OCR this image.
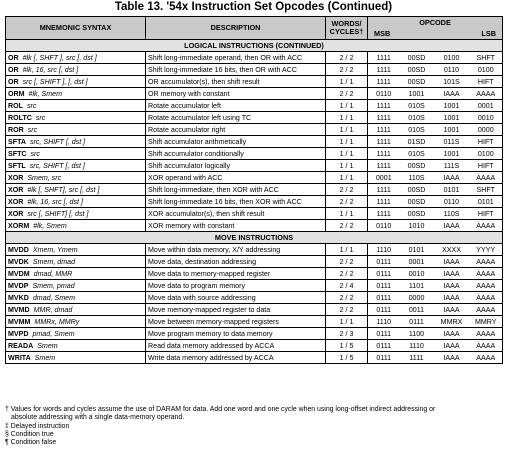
Table 13. '54x Instruction Set Opcodes (Continued)
MNEMONIC SYNTAX	DESCRIPTION	WORDS/
CYCLES†	OPCODE			
			MSB		LSB	
LOGICAL INSTRUCTIONS (CONTINUED)						
OR #lk [, SHFT ], src [, dst ]	Shift long-immediate operand, then OR with ACC	2 / 2	1111	00SD	0100	SHFT
OR #lk, 16, src [, dst ]	Shift long-immediate 16 bits, then OR with ACC	2 / 2	1111	00SD	0110	0100
OR src [, SHIFT ], [, dst ]	OR accumulator(s), then shift result	1 / 1	1111	00SD	101S	HIFT
ORM #lk, Smem	OR memory with constant	2 / 2	0110	1001	IAAA	AAAA
ROL src	Rotate accumulator left	1 / 1	1111	010S	1001	0001
ROLTC src	Rotate accumulator left using TC	1 / 1	1111	010S	1001	0010
ROR src	Rotate accumulator right	1 / 1	1111	010S	1001	0000
SFTA src, SHIFT [, dst ]	Shift accumulator arithmetically	1 / 1	1111	01SD	011S	HIFT
SFTC src	Shift accumulator conditionally	1 / 1	1111	010S	1001	0100
SFTL src, SHIFT [, dst ]	Shift accumulator logically	1 / 1	1111	00SD	111S	HIFT
XOR Smem, src	XOR operand with ACC	1 / 1	0001	110S	IAAA	AAAA
XOR #lk [, SHFT], src [, dst ]	Shift long-immediate, then XOR with ACC	2 / 2	1111	00SD	0101	SHFT
XOR #lk, 16, src [, dst ]	Shift long-immediate 16 bits, then XOR with ACC	2 / 2	1111	00SD	0110	0101
XOR src [, SHIFT] [, dst ]	XOR accumulator(s), then shift result	1 / 1	1111	00SD	110S	HIFT
XORM #lk, Smem	XOR memory with constant	2 / 2	0110	1010	IAAA	AAAA
MOVE INSTRUCTIONS						
MVDD Xmem, Ymem	Move within data memory, X/Y addressing	1 / 1	1110	0101	XXXX	YYYY
MVDK Smem, dmad	Move data, destination addressing	2 / 2	0111	0001	IAAA	AAAA
MVDM dmad, MMR	Move data to memory-mapped register	2 / 2	0111	0010	IAAA	AAAA
MVDP Smem, pmad	Move data to program memory	2 / 4	0111	1101	IAAA	AAAA
MVKD dmad, Smem	Move data with source addressing	2 / 2	0111	0000	IAAA	AAAA
MVMD MMR, dmad	Move memory-mapped register to data	2 / 2	0111	0011	IAAA	AAAA
MVMM MMRx, MMRy	Move between memory-mapped registers	1 / 1	1110	0111	MMRX	MMRY
MVPD pmad, Smem	Move program memory to data memory	2 / 3	0111	1100	IAAA	AAAA
READA Smem	Read data memory addressed by ACCA	1 / 5	0111	1110	IAAA	AAAA
WRITA Smem	Write data memory addressed by ACCA	1 / 5	0111	1111	IAAA	AAAA
† Values for words and cycles assume the use of DARAM for data. Add one word and one cycle when using long-offset indirect addressing or
absolute addressing with a single data-memory operand.
‡ Delayed instruction
§ Condition true
¶ Condition false
